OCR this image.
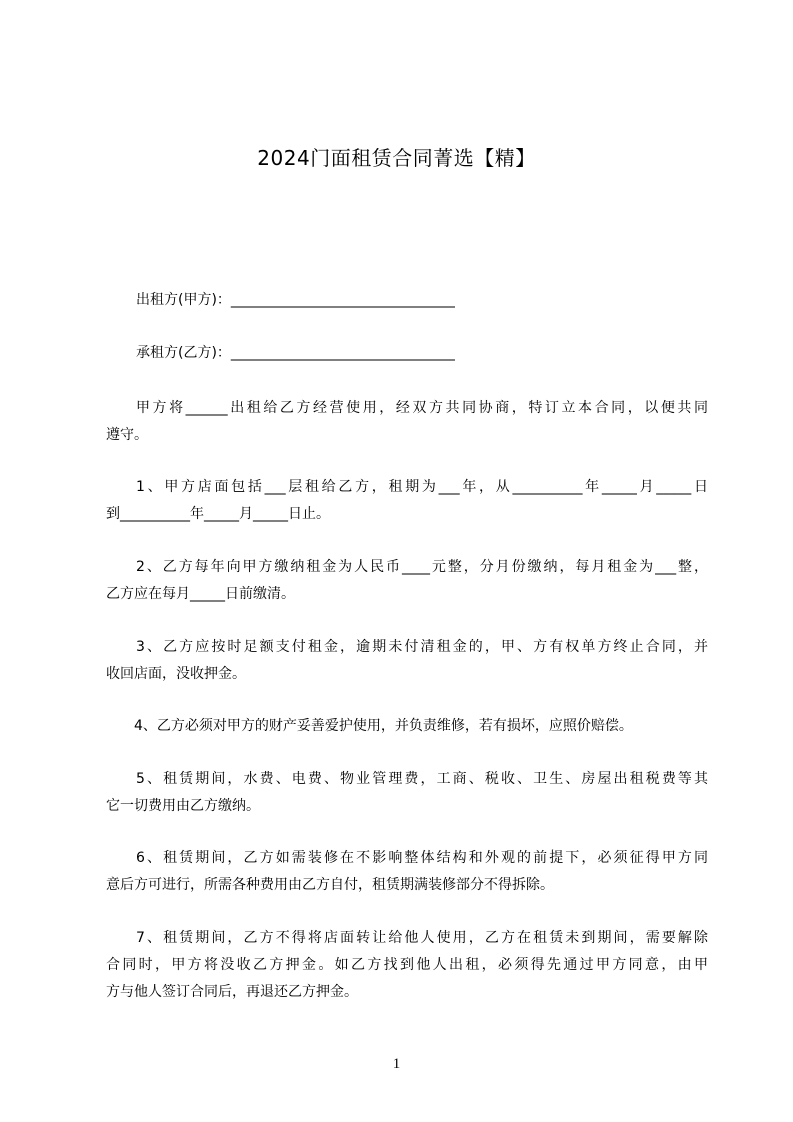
2024门面租赁合同菁选【精】
出租方(甲方)：________________________________
承租方(乙方)：________________________________
甲方将______出租给乙方经营使用，经双方共同协商，特订立本合同，以便共同
遵守。
1、甲方店面包括___层租给乙方，租期为___年，从__________年_____月_____日
到__________年_____月_____日止。
2、乙方每年向甲方缴纳租金为人民币____元整，分月份缴纳，每月租金为___整，
乙方应在每月_____日前缴清。
3、乙方应按时足额支付租金，逾期未付清租金的，甲、方有权单方终止合同，并
收回店面，没收押金。
4、乙方必须对甲方的财产妥善爱护使用，并负责维修，若有损坏，应照价赔偿。
5、租赁期间，水费、电费、物业管理费，工商、税收、卫生、房屋出租税费等其
它一切费用由乙方缴纳。
6、租赁期间，乙方如需装修在不影响整体结构和外观的前提下，必须征得甲方同
意后方可进行，所需各种费用由乙方自付，租赁期满装修部分不得拆除。
7、租赁期间，乙方不得将店面转让给他人使用，乙方在租赁未到期间，需要解除
合同时，甲方将没收乙方押金。如乙方找到他人出租，必须得先通过甲方同意，由甲
方与他人签订合同后，再退还乙方押金。
1
